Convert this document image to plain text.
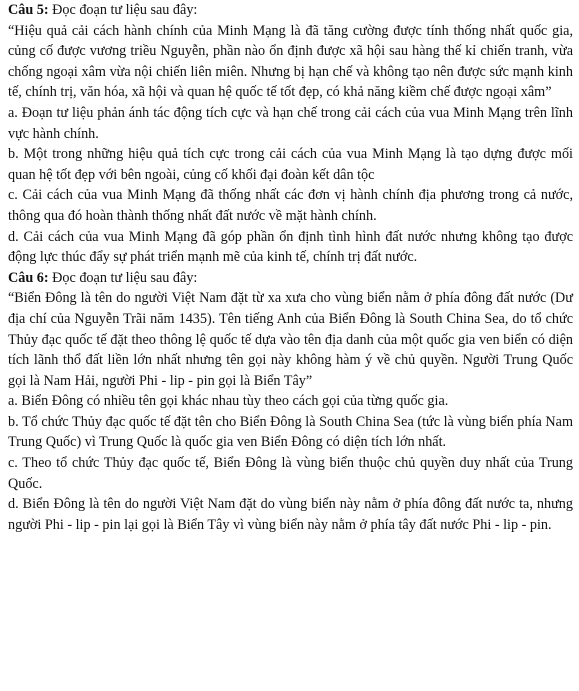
Câu 5: Đọc đoạn tư liệu sau đây:

“Hiệu quả cải cách hành chính của Minh Mạng là đã tăng cường được tính thống nhất quốc gia, củng cố được vương triều Nguyễn, phần nào ổn định được xã hội sau hàng thế kỉ chiến tranh, vừa chống ngoại xâm vừa nội chiến liên miên. Nhưng bị hạn chế và không tạo nên được sức mạnh kinh tế, chính trị, văn hóa, xã hội và quan hệ quốc tế tốt đẹp, có khả năng kiềm chế được ngoại xâm”

a. Đoạn tư liệu phản ánh tác động tích cực và hạn chế trong cải cách của vua Minh Mạng trên lĩnh vực hành chính.

b. Một trong những hiệu quả tích cực trong cải cách của vua Minh Mạng là tạo dựng được mối quan hệ tốt đẹp với bên ngoài, củng cố khối đại đoàn kết dân tộc

c. Cải cách của vua Minh Mạng đã thống nhất các đơn vị hành chính địa phương trong cả nước, thông qua đó hoàn thành thống nhất đất nước về mặt hành chính.

d. Cải cách của vua Minh Mạng đã góp phần ổn định tình hình đất nước nhưng không tạo được động lực thúc đẩy sự phát triển mạnh mẽ của kinh tế, chính trị đất nước.

Câu 6: Đọc đoạn tư liệu sau đây:

“Biển Đông là tên do người Việt Nam đặt từ xa xưa cho vùng biển nằm ở phía đông đất nước (Dư địa chí của Nguyễn Trãi năm 1435). Tên tiếng Anh của Biển Đông là South China Sea, do tổ chức Thủy đạc quốc tế đặt theo thông lệ quốc tế dựa vào tên địa danh của một quốc gia ven biển có diện tích lãnh thổ đất liền lớn nhất nhưng tên gọi này không hàm ý về chủ quyền. Người Trung Quốc gọi là Nam Hải, người Phi - lip - pin gọi là Biển Tây”

a. Biển Đông có nhiều tên gọi khác nhau tùy theo cách gọi của từng quốc gia.

b. Tổ chức Thủy đạc quốc tế đặt tên cho Biển Đông là South China Sea (tức là vùng biển phía Nam Trung Quốc) vì Trung Quốc là quốc gia ven Biển Đông có diện tích lớn nhất.

c. Theo tổ chức Thủy đạc quốc tế, Biển Đông là vùng biển thuộc chủ quyền duy nhất của Trung Quốc.

d. Biển Đông là tên do người Việt Nam đặt do vùng biển này nằm ở phía đông đất nước ta, nhưng người Phi - lip - pin lại gọi là Biển Tây vì vùng biển này nằm ở phía tây đất nước Phi - lip - pin.
